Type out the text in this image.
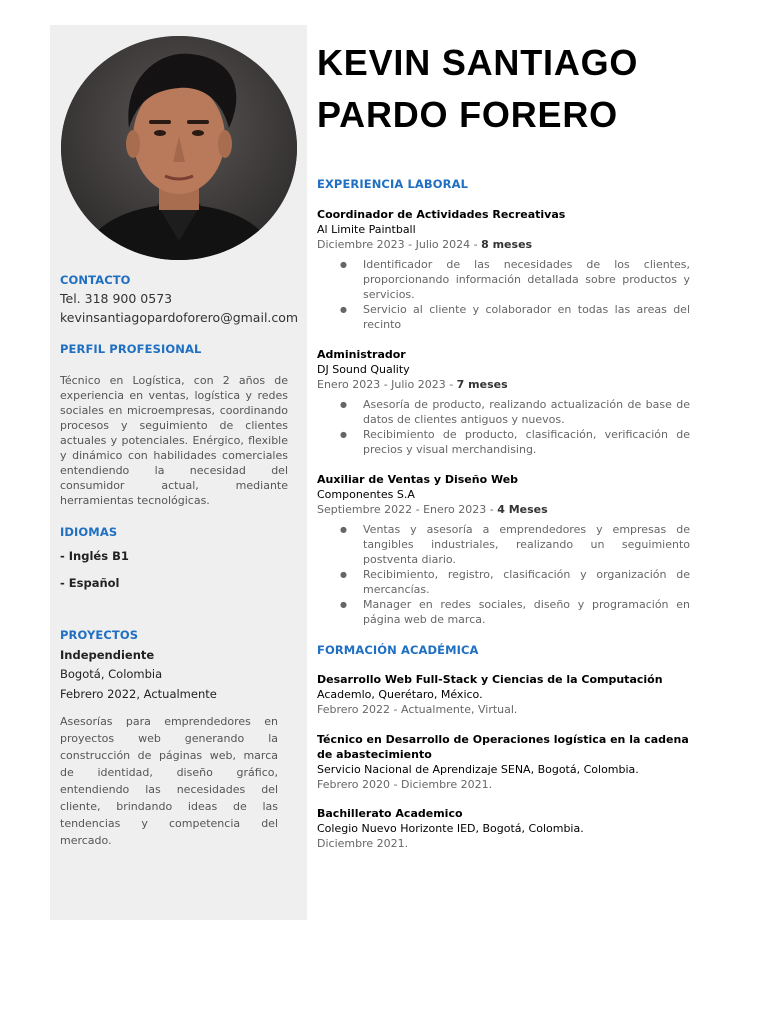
CONTACTO
Tel. 318 900 0573
kevinsantiagopardoforero@gmail.com
PERFIL PROFESIONAL
Técnico en Logística, con 2 años de experiencia en ventas, logística y redes sociales en microempresas, coordinando procesos y seguimiento de clientes actuales y potenciales. Enérgico, flexible y dinámico con habilidades comerciales entendiendo la necesidad del consumidor actual, mediante herramientas tecnológicas.
IDIOMAS
- Inglés B1
- Español
PROYECTOS
Independiente
Bogotá, Colombia
Febrero 2022, Actualmente
Asesorías para emprendedores en proyectos web generando la construcción de páginas web, marca de identidad, diseño gráfico, entendiendo las necesidades del cliente, brindando ideas de las tendencias y competencia del mercado.
KEVIN SANTIAGO
PARDO FORERO
EXPERIENCIA LABORAL
Coordinador de Actividades Recreativas
Al Limite Paintball
Diciembre 2023 - Julio 2024 - 8 meses
● Identificador de las necesidades de los clientes, proporcionando información detallada sobre productos y servicios.
● Servicio al cliente y colaborador en todas las areas del recinto
Administrador
DJ Sound Quality
Enero 2023 - Julio 2023 - 7 meses
● Asesoría de producto, realizando actualización de base de datos de clientes antiguos y nuevos.
● Recibimiento de producto, clasificación, verificación de precios y visual merchandising.
Auxiliar de Ventas y Diseño Web
Componentes S.A
Septiembre 2022 - Enero 2023 - 4 Meses
● Ventas y asesoría a emprendedores y empresas de tangibles industriales, realizando un seguimiento postventa diario.
● Recibimiento, registro, clasificación y organización de mercancías.
● Manager en redes sociales, diseño y programación en página web de marca.
FORMACIÓN ACADÉMICA
Desarrollo Web Full-Stack y Ciencias de la Computación
Academlo, Querétaro, México.
Febrero 2022 - Actualmente, Virtual.
Técnico en Desarrollo de Operaciones logística en la cadena de abastecimiento
Servicio Nacional de Aprendizaje SENA, Bogotá, Colombia.
Febrero 2020 - Diciembre 2021.
Bachillerato Academico
Colegio Nuevo Horizonte IED, Bogotá, Colombia.
Diciembre 2021.
